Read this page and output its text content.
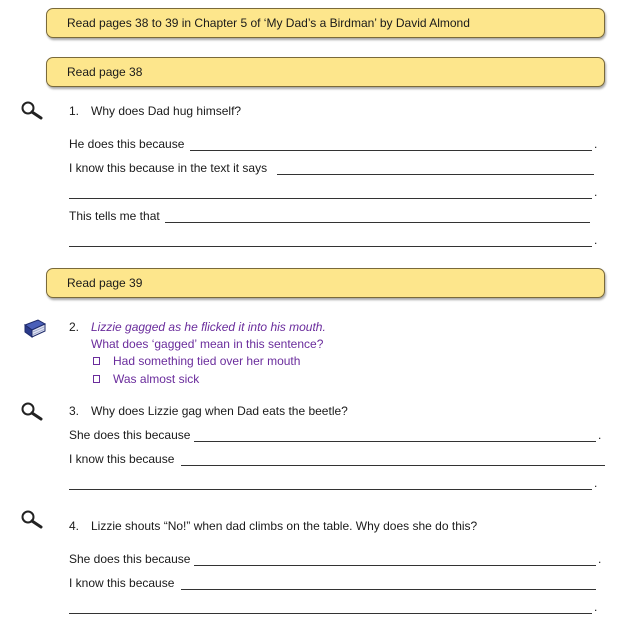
Read pages 38 to 39 in Chapter 5 of ‘My Dad’s a Birdman’ by David Almond
Read page 38
1. Why does Dad hug himself?
He does this because	.
I know this because in the text it says
.
This tells me that
.
Read page 39
2. Lizzie gagged as he flicked it into his mouth.
What does ‘gagged’ mean in this sentence?
Had something tied over her mouth
Was almost sick
3. Why does Lizzie gag when Dad eats the beetle?
She does this because	.
I know this because
.
4. Lizzie shouts “No!” when dad climbs on the table. Why does she do this?
She does this because	.
I know this because
.
